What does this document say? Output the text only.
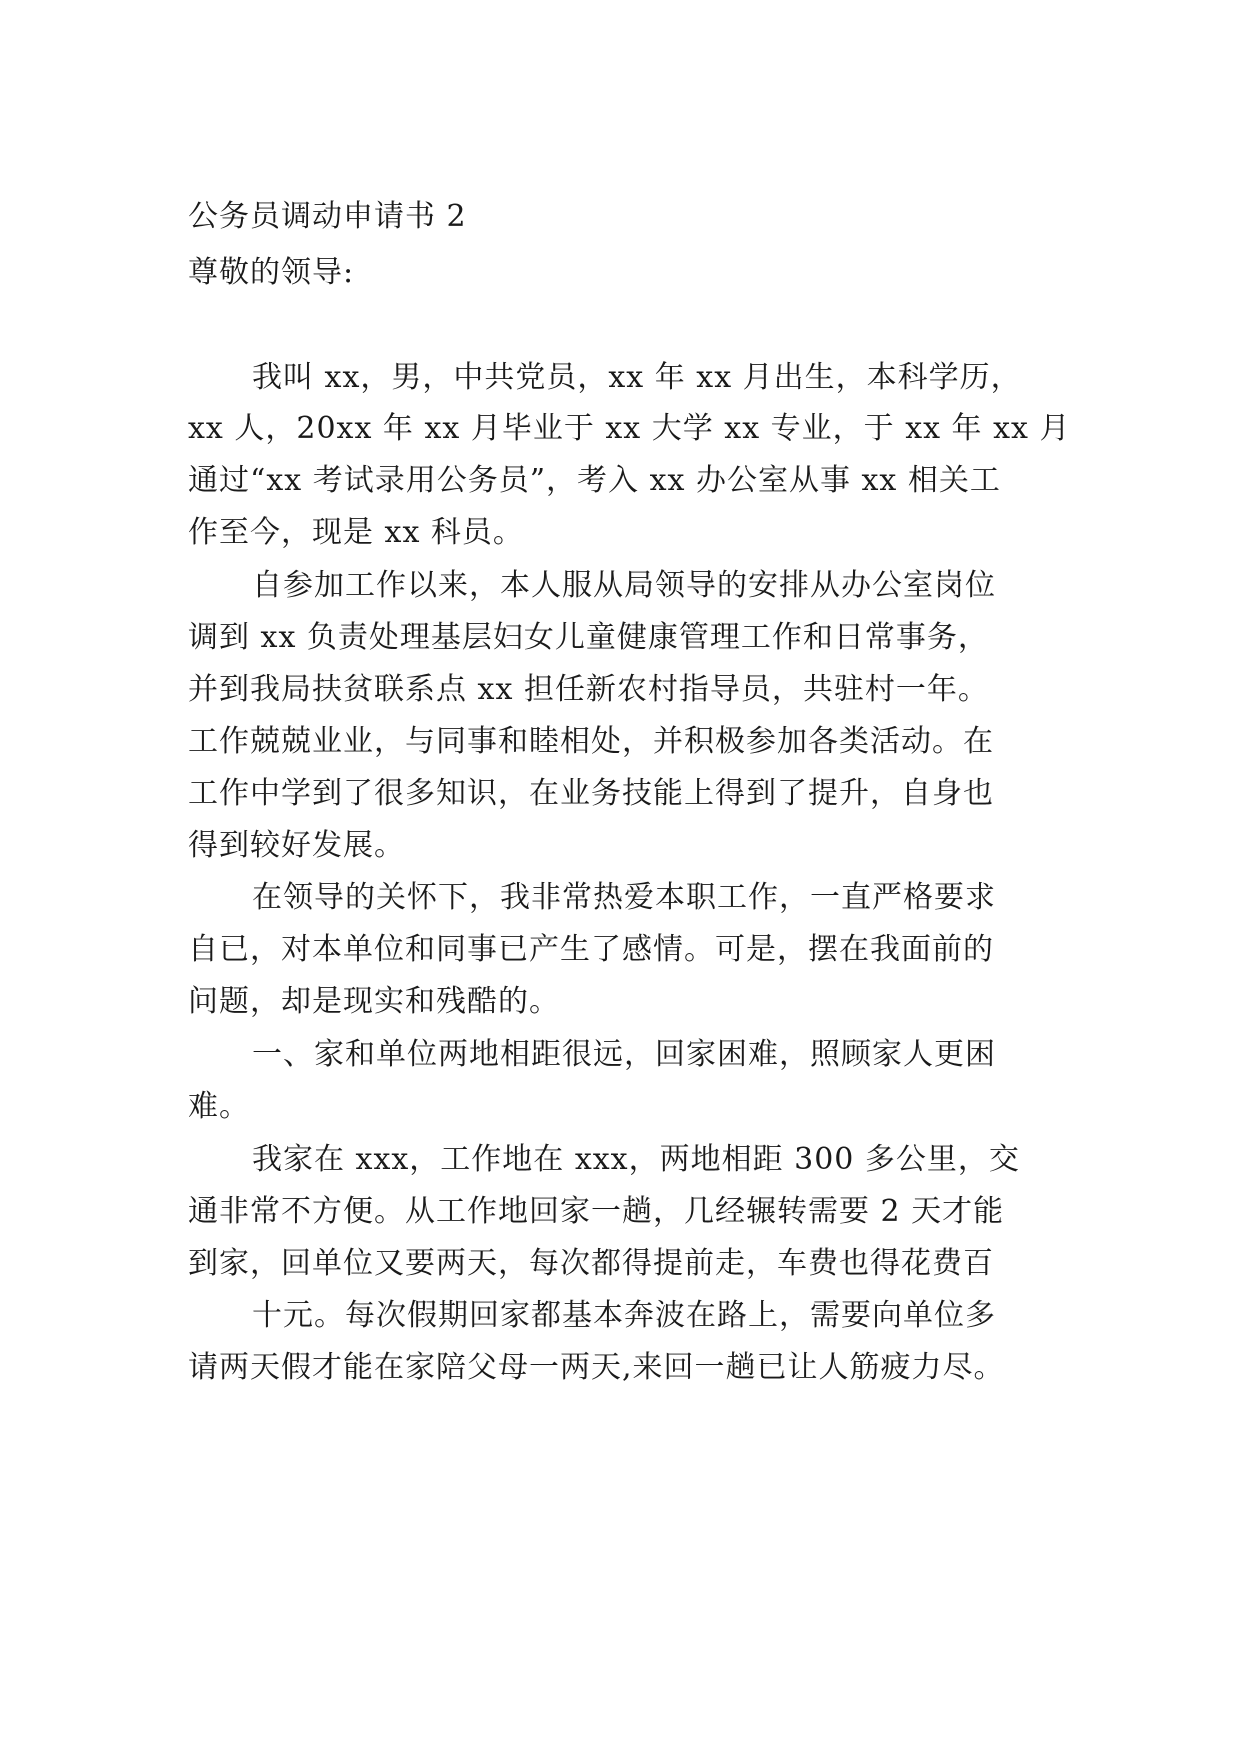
公务员调动申请书 2
尊敬的领导:
我叫 xx，男，中共党员，xx 年 xx 月出生，本科学历，
xx 人，20xx 年 xx 月毕业于 xx 大学 xx 专业，于 xx 年 xx 月
通过“xx 考试录用公务员”，考入 xx 办公室从事 xx 相关工
作至今，现是 xx 科员。
自参加工作以来，本人服从局领导的安排从办公室岗位
调到 xx 负责处理基层妇女儿童健康管理工作和日常事务，
并到我局扶贫联系点 xx 担任新农村指导员，共驻村一年。
工作兢兢业业，与同事和睦相处，并积极参加各类活动。在
工作中学到了很多知识，在业务技能上得到了提升，自身也
得到较好发展。
在领导的关怀下，我非常热爱本职工作，一直严格要求
自已，对本单位和同事已产生了感情。可是，摆在我面前的
问题，却是现实和残酷的。
一、家和单位两地相距很远，回家困难，照顾家人更困
难。
我家在 xxx，工作地在 xxx，两地相距 300 多公里，交
通非常不方便。从工作地回家一趟，几经辗转需要 2 天才能
到家，回单位又要两天，每次都得提前走，车费也得花费百
十元。每次假期回家都基本奔波在路上，需要向单位多
请两天假才能在家陪父母一两天,来回一趟已让人筋疲力尽。
